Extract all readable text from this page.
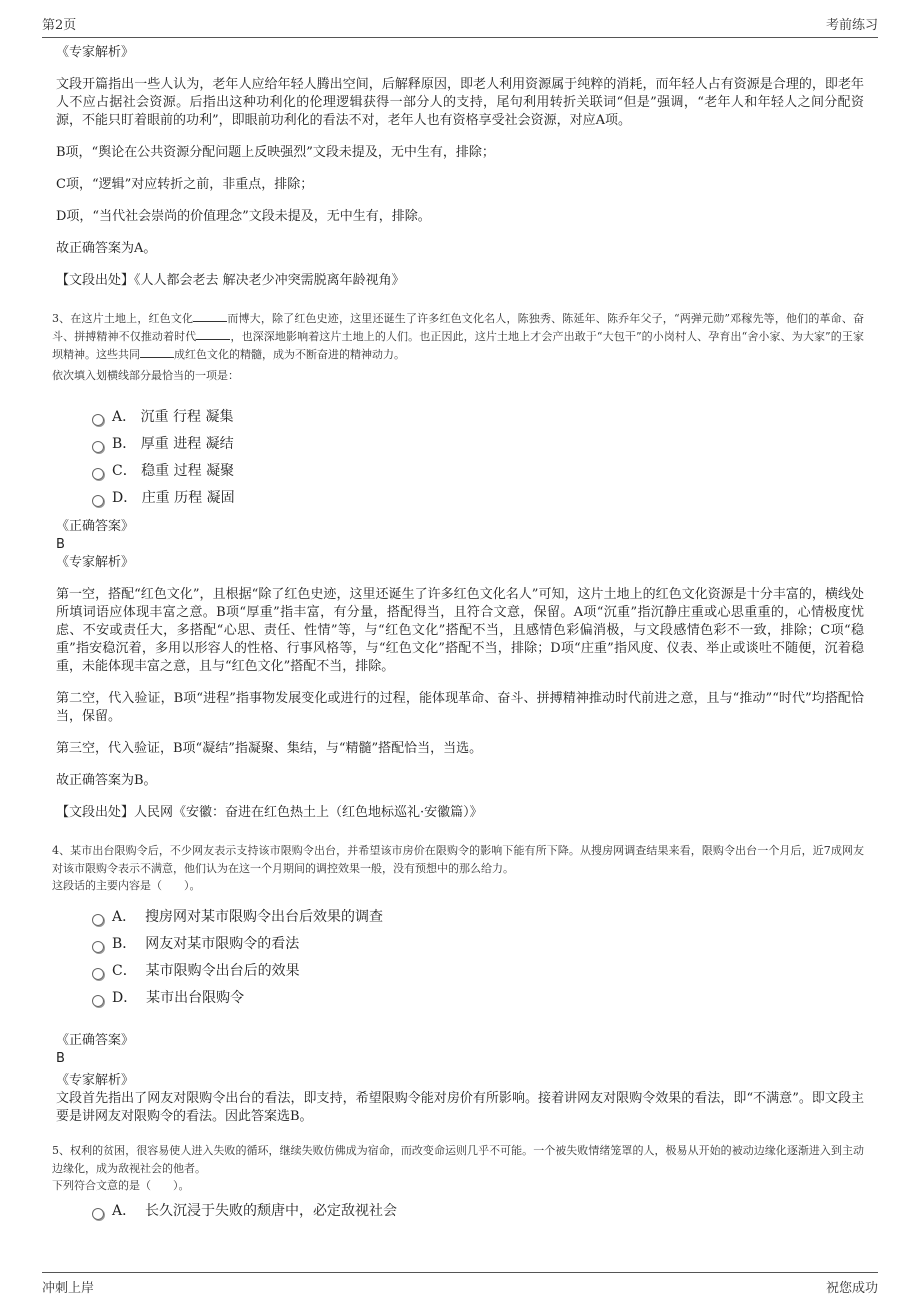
第2页	考前练习
《专家解析》

文段开篇指出一些人认为，老年人应给年轻人腾出空间，后解释原因，即老人利用资源属于纯粹的消耗，而年轻人占有资源是合理的，即老年人不应占据社会资源。后指出这种功利化的伦理逻辑获得一部分人的支持，尾句利用转折关联词“但是”强调，“老年人和年轻人之间分配资源，不能只盯着眼前的功利”，即眼前功利化的看法不对，老年人也有资格享受社会资源，对应A项。

B项，“舆论在公共资源分配问题上反映强烈”文段未提及，无中生有，排除；

C项，“逻辑”对应转折之前，非重点，排除；

D项，“当代社会崇尚的价值理念”文段未提及，无中生有，排除。

故正确答案为A。

【文段出处】《人人都会老去 解决老少冲突需脱离年龄视角》

3、在这片土地上，红色文化	而博大，除了红色史迹，这里还诞生了许多红色文化名人，陈独秀、陈延年、陈乔年父子，“两弹元勋”邓稼先等，他们的革命、奋斗、拼搏精神不仅推动着时代	，也深深地影响着这片土地上的人们。也正因此，这片土地上才会产出敢于“大包干”的小岗村人、孕育出“舍小家、为大家”的王家坝精神。这些共同	成红色文化的精髓，成为不断奋进的精神动力。

依次填入划横线部分最恰当的一项是：

A．
沉重 行程 凝集
B．
厚重 进程 凝结
C．
稳重 过程 凝聚
D．
庄重 历程 凝固
《正确答案》
B
《专家解析》

第一空，搭配“红色文化”，且根据“除了红色史迹，这里还诞生了许多红色文化名人”可知，这片土地上的红色文化资源是十分丰富的，横线处所填词语应体现丰富之意。B项“厚重”指丰富，有分量，搭配得当，且符合文意，保留。A项“沉重”指沉静庄重或心思重重的，心情极度忧虑、不安或责任大，多搭配“心思、责任、性情”等，与“红色文化”搭配不当，且感情色彩偏消极，与文段感情色彩不一致，排除；C项“稳重”指安稳沉着，多用以形容人的性格、行事风格等，与“红色文化”搭配不当，排除；D项“庄重”指风度、仪表、举止或谈吐不随便，沉着稳重，未能体现丰富之意，且与“红色文化”搭配不当，排除。

第二空，代入验证，B项“进程”指事物发展变化或进行的过程，能体现革命、奋斗、拼搏精神推动时代前进之意，且与“推动”“时代”均搭配恰当，保留。

第三空，代入验证，B项“凝结”指凝聚、集结，与“精髓”搭配恰当，当选。

故正确答案为B。

【文段出处】人民网《安徽：奋进在红色热土上（红色地标巡礼·安徽篇）》

4、某市出台限购令后，不少网友表示支持该市限购令出台，并希望该市房价在限购令的影响下能有所下降。从搜房网调查结果来看，限购令出台一个月后，近7成网友对该市限购令表示不满意，他们认为在这一个月期间的调控效果一般，没有预想中的那么给力。

这段话的主要内容是（　　）。

A．
搜房网对某市限购令出台后效果的调查
B．
网友对某市限购令的看法
C．
某市限购令出台后的效果
D．
某市出台限购令
《正确答案》
B
《专家解析》

文段首先指出了网友对限购令出台的看法，即支持，希望限购令能对房价有所影响。接着讲网友对限购令效果的看法，即“不满意”。即文段主要是讲网友对限购令的看法。因此答案选B。

5、权利的贫困，很容易使人进入失败的循环，继续失败仿佛成为宿命，而改变命运则几乎不可能。一个被失败情绪笼罩的人，极易从开始的被动边缘化逐渐进入到主动边缘化，成为敌视社会的他者。

下列符合文意的是（　　）。

A．
长久沉浸于失败的颓唐中，必定敌视社会
冲刺上岸	祝您成功
